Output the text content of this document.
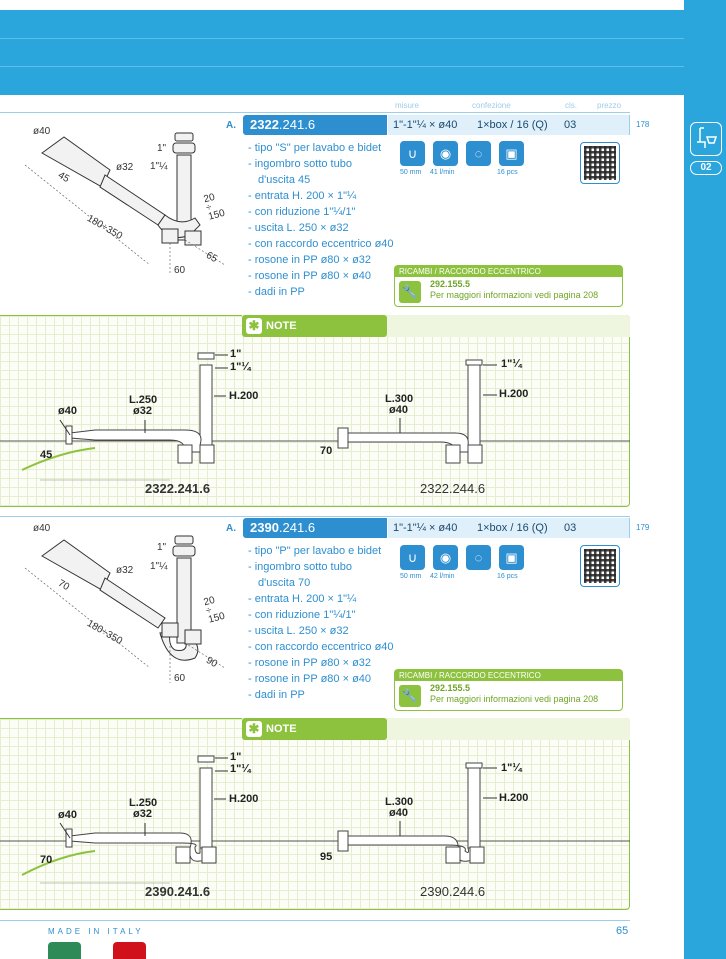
02
misure	confezione	cls.	prezzo
ø40
ø32
1"
1"¼
45
180÷350
20
÷
150
65
60
A.	2322.241.6	1"-1"¼ × ø40 1×box / 16 (Q) 03	178
- tipo "S" per lavabo e bidet
- ingombro sotto tubo
d'uscita 45
- entrata H. 200 × 1"¼
- con riduzione 1"¼/1"
- uscita L. 250 × ø32
- con raccordo eccentrico ø40
- rosone in PP ø80 × ø32
- rosone in PP ø80 × ø40
- dadi in PP
∪	◉	◌	▣
50 mm 41 l/min	16 pcs
RICAMBI / RACCORDO ECCENTRICO
🔧	292.155.5
Per maggiori informazioni vedi pagina 208
✱ NOTE
1"
1"¼
L.250
ø32
ø40
H.200
45
2322.241.6
1"¼
L.300
ø40
H.200
70
2322.244.6
ø40
ø32
1"
1"¼
70
180÷350
20
÷
150
90
60
A.	2390.241.6	1"-1"¼ × ø40 1×box / 16 (Q) 03	179
- tipo "P" per lavabo e bidet
- ingombro sotto tubo
d'uscita 70
- entrata H. 200 × 1"¼
- con riduzione 1"¼/1"
- uscita L. 250 × ø32
- con raccordo eccentrico ø40
- rosone in PP ø80 × ø32
- rosone in PP ø80 × ø40
- dadi in PP
∪	◉	◌	▣
50 mm 42 l/min	16 pcs
RICAMBI / RACCORDO ECCENTRICO
🔧	292.155.5
Per maggiori informazioni vedi pagina 208
✱ NOTE
1"
1"¼
L.250
ø32
ø40
H.200
70
2390.241.6
1"¼
L.300
ø40
H.200
95
2390.244.6
MADE IN ITALY	65
